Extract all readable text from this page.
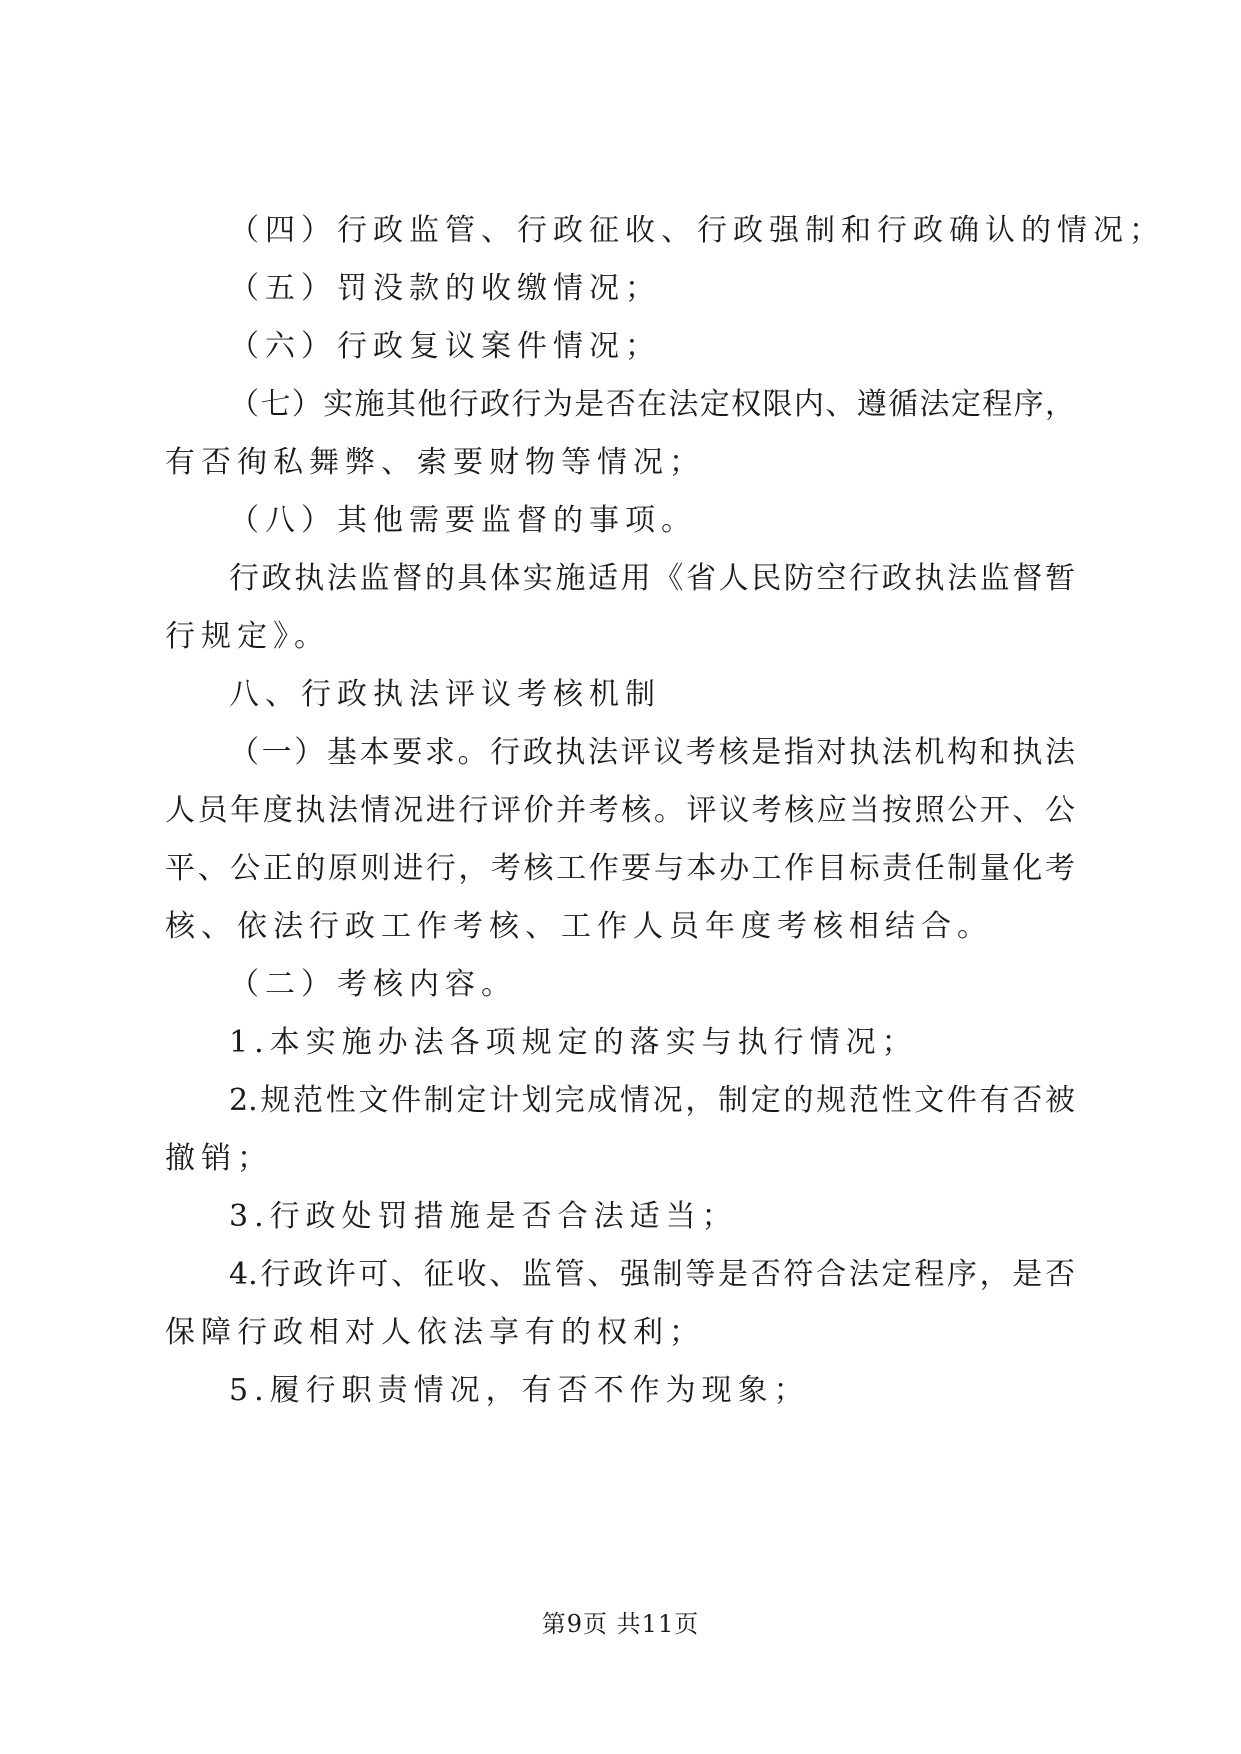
（四）行政监管、行政征收、行政强制和行政确认的情况；
（五）罚没款的收缴情况；
（六）行政复议案件情况；
（七）实施其他行政行为是否在法定权限内、遵循法定程序，
有否徇私舞弊、索要财物等情况；
（八）其他需要监督的事项。
行政执法监督的具体实施适用《省人民防空行政执法监督暂
行规定》。
八、行政执法评议考核机制
（一）基本要求。行政执法评议考核是指对执法机构和执法
人员年度执法情况进行评价并考核。评议考核应当按照公开、公
平、公正的原则进行，考核工作要与本办工作目标责任制量化考
核、依法行政工作考核、工作人员年度考核相结合。
（二）考核内容。
1.本实施办法各项规定的落实与执行情况；
2.规范性文件制定计划完成情况，制定的规范性文件有否被
撤销；
3.行政处罚措施是否合法适当；
4.行政许可、征收、监管、强制等是否符合法定程序，是否
保障行政相对人依法享有的权利；
5.履行职责情况，有否不作为现象；
第9页 共11页
